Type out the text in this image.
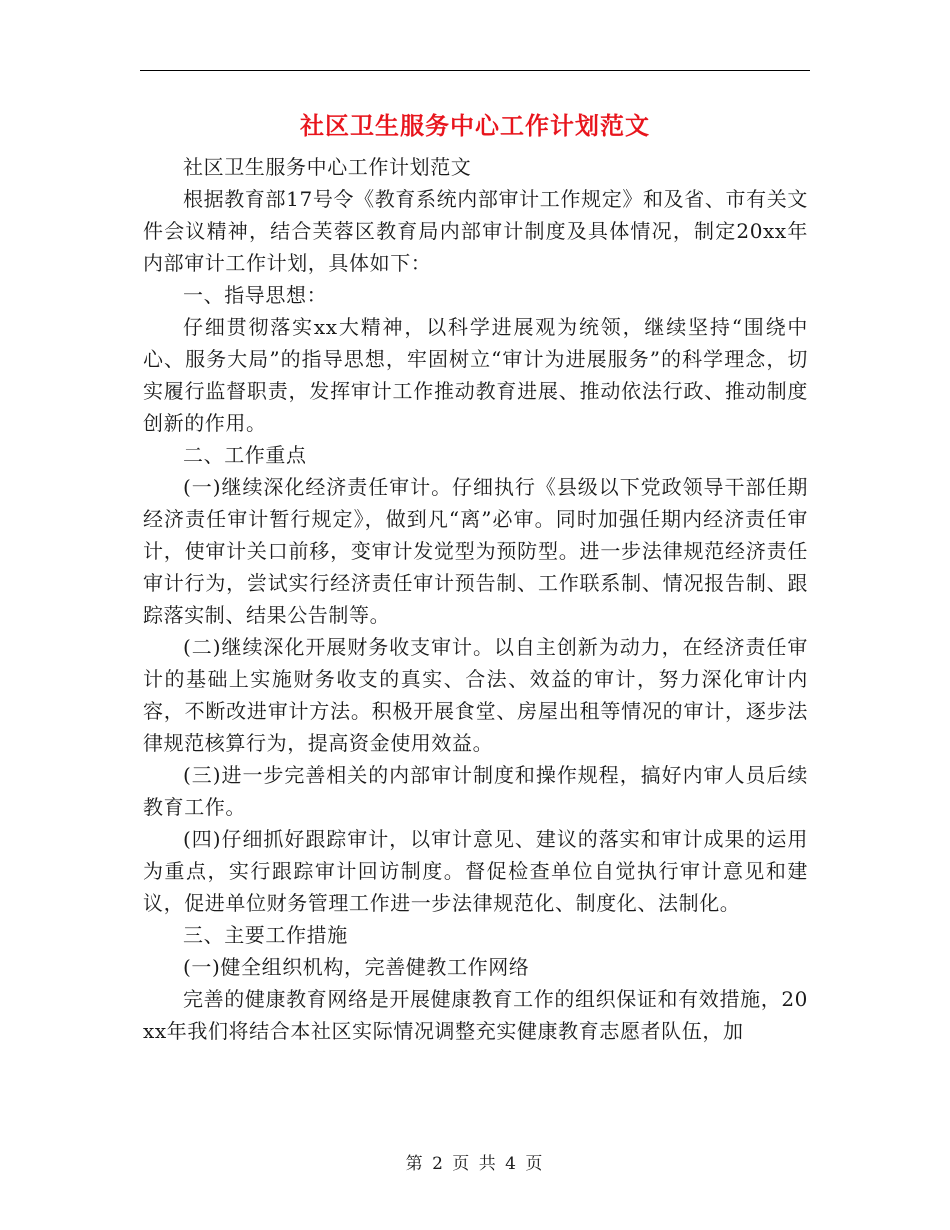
社区卫生服务中心工作计划范文

社区卫生服务中心工作计划范文

根据教育部17号令《教育系统内部审计工作规定》和及省、市有关文件会议精神，结合芙蓉区教育局内部审计制度及具体情况，制定20xx年内部审计工作计划，具体如下：

一、指导思想：

仔细贯彻落实xx大精神，以科学进展观为统领，继续坚持“围绕中心、服务大局”的指导思想，牢固树立“审计为进展服务”的科学理念，切实履行监督职责，发挥审计工作推动教育进展、推动依法行政、推动制度创新的作用。

二、工作重点

(一)继续深化经济责任审计。仔细执行《县级以下党政领导干部任期经济责任审计暂行规定》，做到凡“离”必审。同时加强任期内经济责任审计，使审计关口前移，变审计发觉型为预防型。进一步法律规范经济责任审计行为，尝试实行经济责任审计预告制、工作联系制、情况报告制、跟踪落实制、结果公告制等。

(二)继续深化开展财务收支审计。以自主创新为动力，在经济责任审计的基础上实施财务收支的真实、合法、效益的审计，努力深化审计内容，不断改进审计方法。积极开展食堂、房屋出租等情况的审计，逐步法律规范核算行为，提高资金使用效益。

(三)进一步完善相关的内部审计制度和操作规程，搞好内审人员后续教育工作。

(四)仔细抓好跟踪审计，以审计意见、建议的落实和审计成果的运用为重点，实行跟踪审计回访制度。督促检查单位自觉执行审计意见和建议，促进单位财务管理工作进一步法律规范化、制度化、法制化。

三、主要工作措施

(一)健全组织机构，完善健教工作网络

完善的健康教育网络是开展健康教育工作的组织保证和有效措施，20xx年我们将结合本社区实际情况调整充实健康教育志愿者队伍，加

第 2 页 共 4 页
